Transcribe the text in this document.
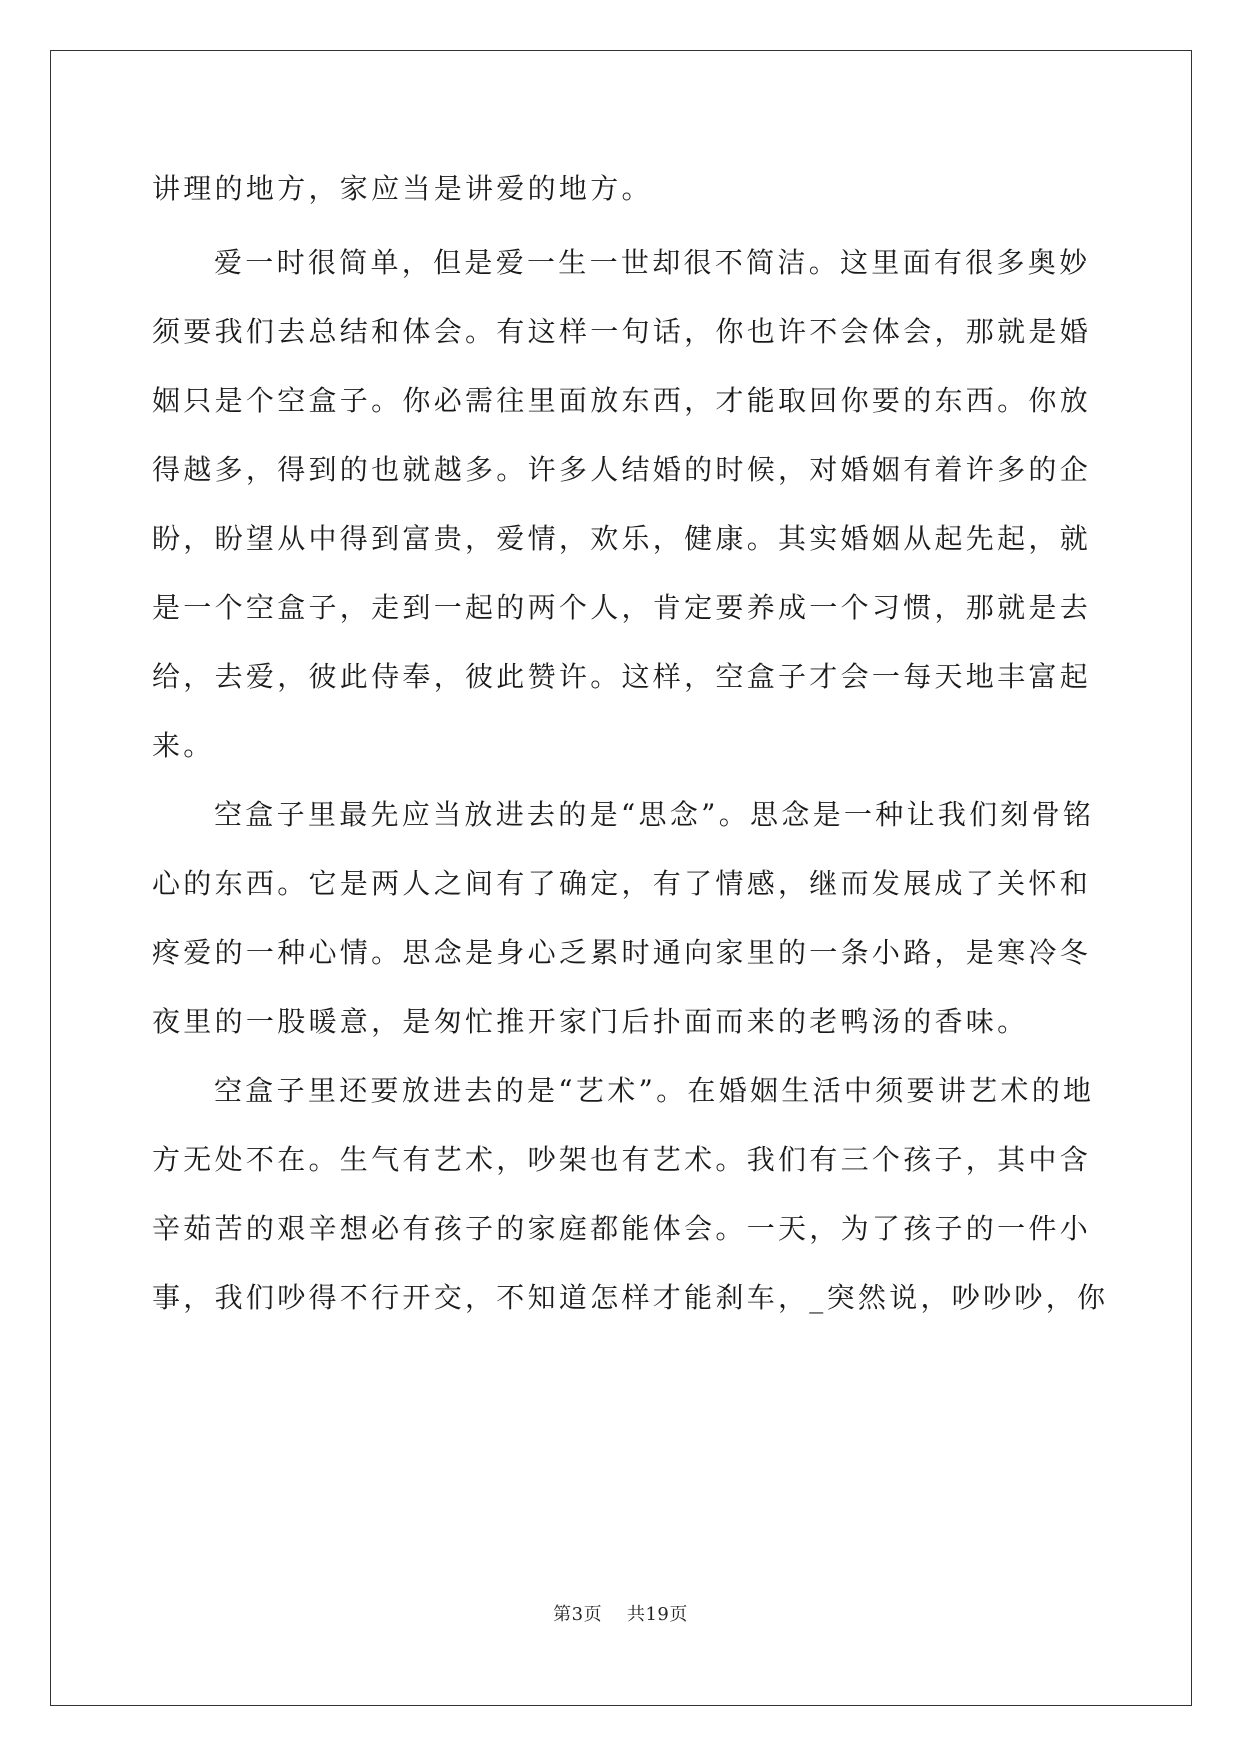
讲理的地方，家应当是讲爱的地方。
爱一时很简单，但是爱一生一世却很不简洁。这里面有很多奥妙
须要我们去总结和体会。有这样一句话，你也许不会体会，那就是婚
姻只是个空盒子。你必需往里面放东西，才能取回你要的东西。你放
得越多，得到的也就越多。许多人结婚的时候，对婚姻有着许多的企
盼，盼望从中得到富贵，爱情，欢乐，健康。其实婚姻从起先起，就
是一个空盒子，走到一起的两个人，肯定要养成一个习惯，那就是去
给，去爱，彼此侍奉，彼此赞许。这样，空盒子才会一每天地丰富起
来。
空盒子里最先应当放进去的是“思念”。思念是一种让我们刻骨铭
心的东西。它是两人之间有了确定，有了情感，继而发展成了关怀和
疼爱的一种心情。思念是身心乏累时通向家里的一条小路，是寒冷冬
夜里的一股暖意，是匆忙推开家门后扑面而来的老鸭汤的香味。
空盒子里还要放进去的是“艺术”。在婚姻生活中须要讲艺术的地
方无处不在。生气有艺术，吵架也有艺术。我们有三个孩子，其中含
辛茹苦的艰辛想必有孩子的家庭都能体会。一天，为了孩子的一件小
事，我们吵得不行开交，不知道怎样才能刹车，_突然说，吵吵吵，你
第3页    共19页
